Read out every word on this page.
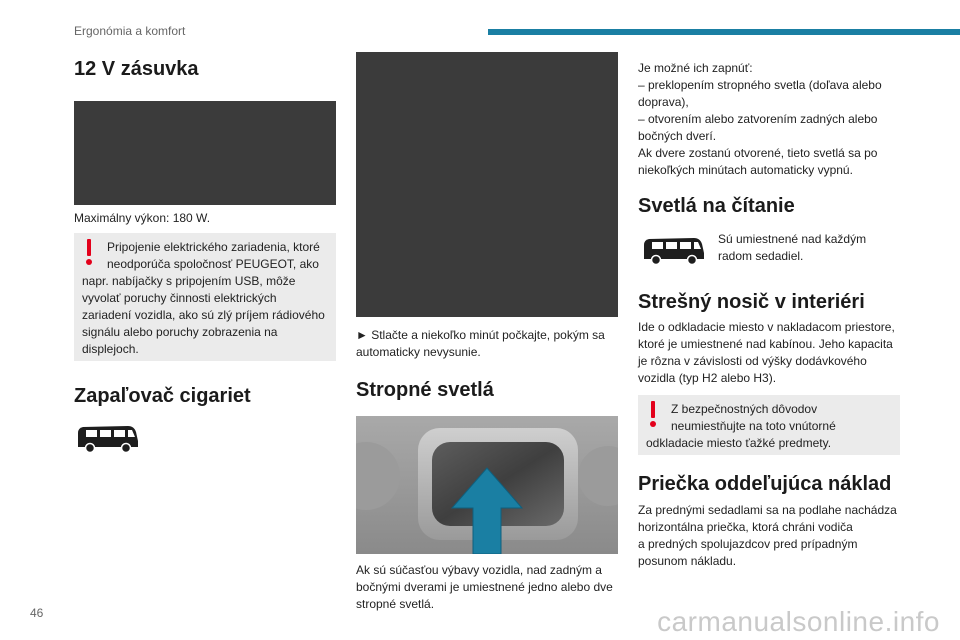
Ergonómia a komfort
12 V zásuvka

Maximálny výkon: 180 W.

Pripojenie elektrického zariadenia, ktoré

neodporúča spoločnosť PEUGEOT, ako

napr. nabíjačky s pripojením USB, môže

vyvolať poruchy činnosti elektrických

zariadení vozidla, ako sú zlý príjem rádiového

signálu alebo poruchy zobrazenia na

displejoch.

Zapaľovač cigariet

► Stlačte a niekoľko minút počkajte, pokým sa

automaticky nevysunie.

Stropné svetlá

Ak sú súčasťou výbavy vozidla, nad zadným a

bočnými dverami je umiestnené jedno alebo dve

stropné svetlá.

Je možné ich zapnúť:

– preklopením stropného svetla (doľava alebo

doprava),

– otvorením alebo zatvorením zadných alebo

bočných dverí.

Ak dvere zostanú otvorené, tieto svetlá sa po

niekoľkých minútach automaticky vypnú.

Svetlá na čítanie

Sú umiestnené nad každým

radom sedadiel.

Strešný nosič v interiéri

Ide o odkladacie miesto v nakladacom priestore,

ktoré je umiestnené nad kabínou. Jeho kapacita

je rôzna v závislosti od výšky dodávkového

vozidla (typ H2 alebo H3).

Z bezpečnostných dôvodov

neumiestňujte na toto vnútorné

odkladacie miesto ťažké predmety.

Priečka oddeľujúca náklad

Za prednými sedadlami sa na podlahe nachádza

horizontálna priečka, ktorá chráni vodiča

a predných spolujazdcov pred prípadným

posunom nákladu.

46	carmanualsonline.info
